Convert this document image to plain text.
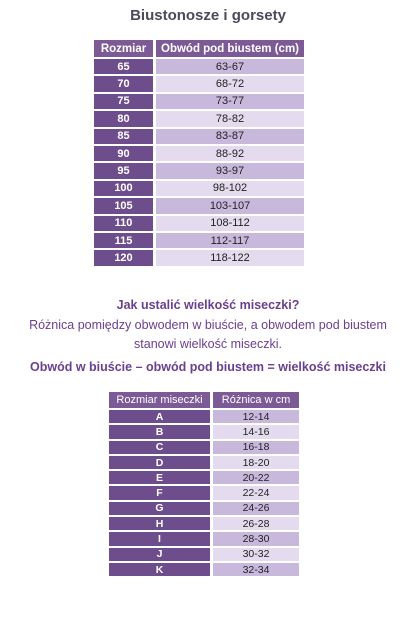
Biustonosze i gorsety
Rozmiar	Obwód pod biustem (cm)
65	63-67
70	68-72
75	73-77
80	78-82
85	83-87
90	88-92
95	93-97
100	98-102
105	103-107
110	108-112
115	112-117
120	118-122
Jak ustalić wielkość miseczki?
Różnica pomiędzy obwodem w biuście, a obwodem pod biustem
stanowi wielkość miseczki.
Obwód w biuście – obwód pod biustem = wielkość miseczki
Rozmiar miseczki	Różnica w cm
A	12-14
B	14-16
C	16-18
D	18-20
E	20-22
F	22-24
G	24-26
H	26-28
I	28-30
J	30-32
K	32-34
